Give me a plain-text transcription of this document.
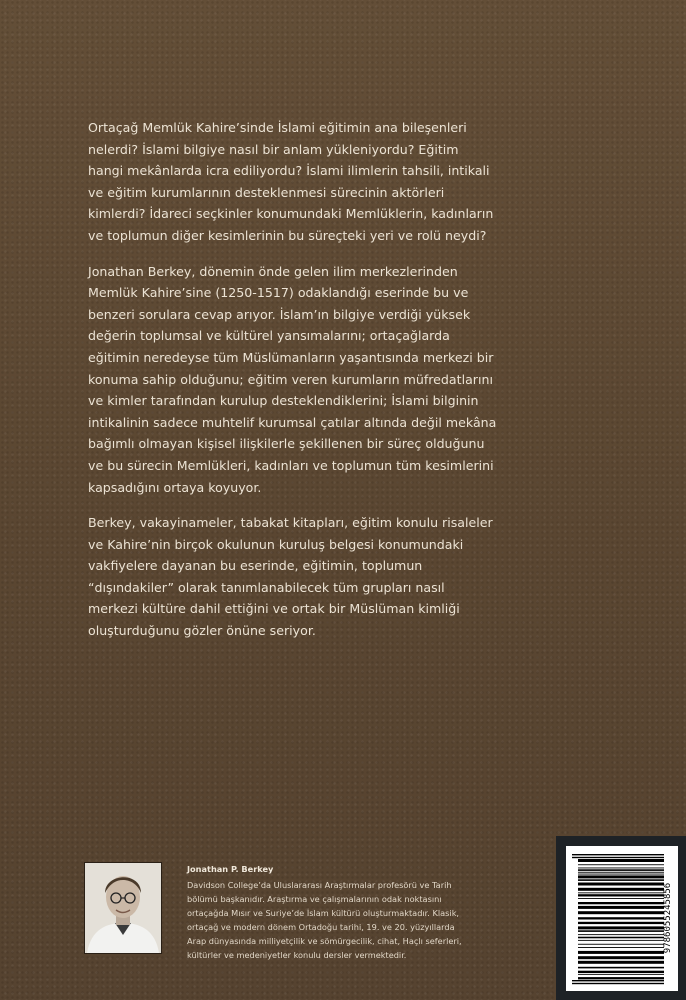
Ortaçağ Memlük Kahire’sinde İslami eğitimin ana bileşenleri
nelerdi? İslami bilgiye nasıl bir anlam yükleniyordu? Eğitim
hangi mekânlarda icra ediliyordu? İslami ilimlerin tahsili, intikali
ve eğitim kurumlarının desteklenmesi sürecinin aktörleri
kimlerdi? İdareci seçkinler konumundaki Memlüklerin, kadınların
ve toplumun diğer kesimlerinin bu süreçteki yeri ve rolü neydi?

Jonathan Berkey, dönemin önde gelen ilim merkezlerinden
Memlük Kahire’sine (1250-1517) odaklandığı eserinde bu ve
benzeri sorulara cevap arıyor. İslam’ın bilgiye verdiği yüksek
değerin toplumsal ve kültürel yansımalarını; ortaçağlarda
eğitimin neredeyse tüm Müslümanların yaşantısında merkezi bir
konuma sahip olduğunu; eğitim veren kurumların müfredatlarını
ve kimler tarafından kurulup desteklendiklerini; İslami bilginin
intikalinin sadece muhtelif kurumsal çatılar altında değil mekâna
bağımlı olmayan kişisel ilişkilerle şekillenen bir süreç olduğunu
ve bu sürecin Memlükleri, kadınları ve toplumun tüm kesimlerini
kapsadığını ortaya koyuyor.

Berkey, vakayinameler, tabakat kitapları, eğitim konulu risaleler
ve Kahire’nin birçok okulunun kuruluş belgesi konumundaki
vakfiyelere dayanan bu eserinde, eğitimin, toplumun
“dışındakiler” olarak tanımlanabilecek tüm grupları nasıl
merkezi kültüre dahil ettiğini ve ortak bir Müslüman kimliği
oluşturduğunu gözler önüne seriyor.

Jonathan P. Berkey
Davidson College’da Uluslararası Araştırmalar profesörü ve Tarih
bölümü başkanıdır. Araştırma ve çalışmalarının odak noktasını
ortaçağda Mısır ve Suriye’de İslam kültürü oluşturmaktadır. Klasik,
ortaçağ ve modern dönem Ortadoğu tarihi, 19. ve 20. yüzyıllarda
Arap dünyasında milliyetçilik ve sömürgecilik, cihat, Haçlı seferleri,
kültürler ve medeniyetler konulu dersler vermektedir.
9786055245856
